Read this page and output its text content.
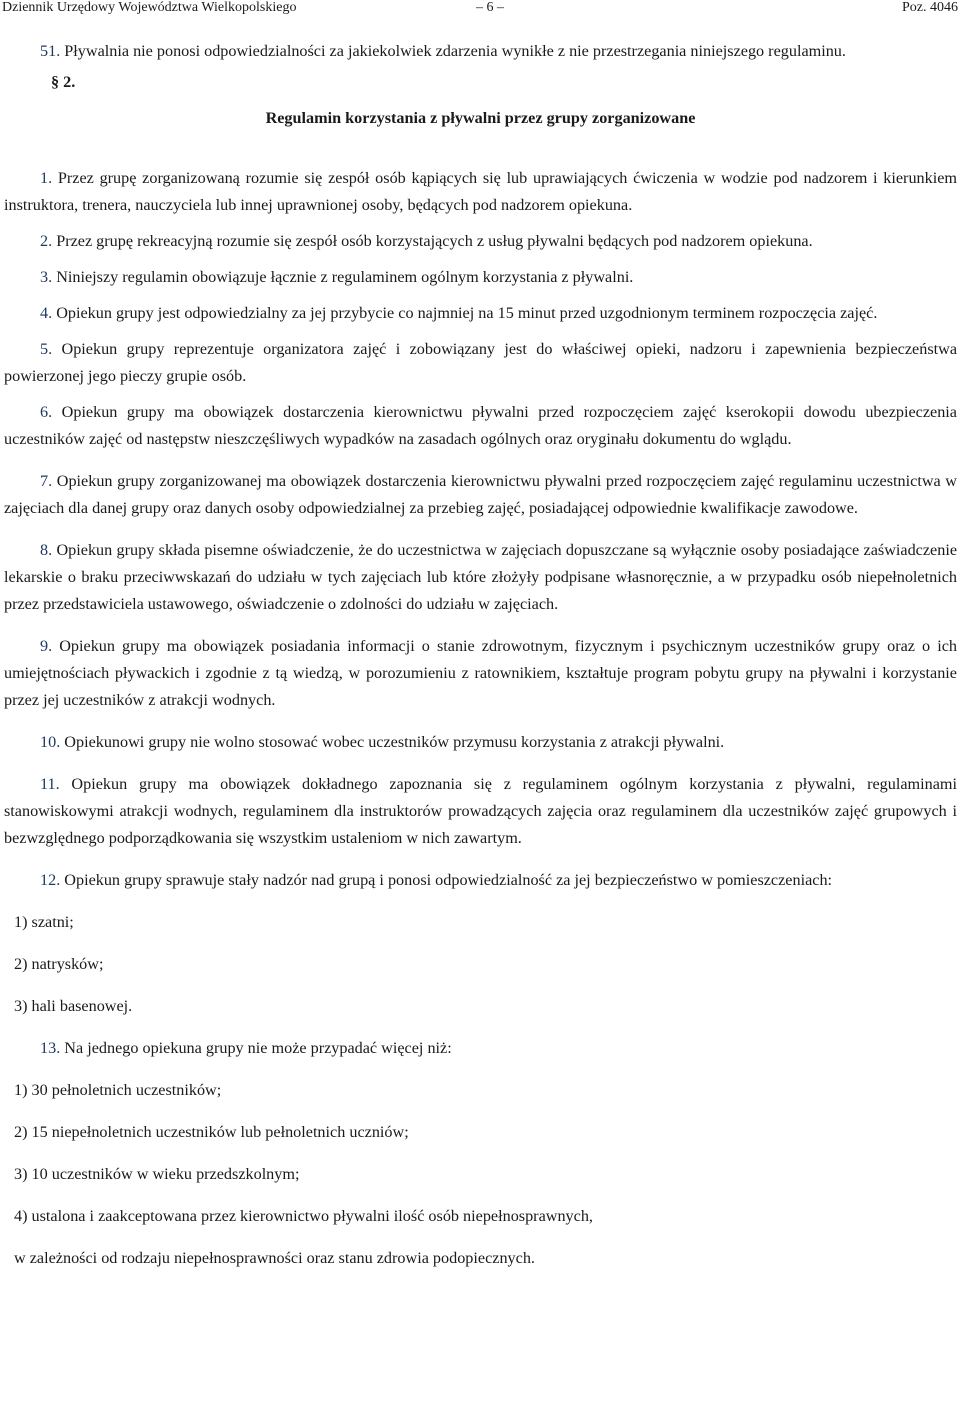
Dziennik Urzędowy Województwa Wielkopolskiego	– 6 –	Poz. 4046

51. Pływalnia nie ponosi odpowiedzialności za jakiekolwiek zdarzenia wynikłe z nie przestrzegania niniejszego regulaminu.

§ 2.

Regulamin korzystania z pływalni przez grupy zorganizowane

1. Przez grupę zorganizowaną rozumie się zespół osób kąpiących się lub uprawiających ćwiczenia w wodzie pod nadzorem i kierunkiem instruktora, trenera, nauczyciela lub innej uprawnionej osoby, będących pod nadzorem opiekuna.

2. Przez grupę rekreacyjną rozumie się zespół osób korzystających z usług pływalni będących pod nadzorem opiekuna.

3. Niniejszy regulamin obowiązuje łącznie z regulaminem ogólnym korzystania z pływalni.

4. Opiekun grupy jest odpowiedzialny za jej przybycie co najmniej na 15 minut przed uzgodnionym terminem rozpoczęcia zajęć.

5. Opiekun grupy reprezentuje organizatora zajęć i zobowiązany jest do właściwej opieki, nadzoru i zapewnienia bezpieczeństwa powierzonej jego pieczy grupie osób.

6. Opiekun grupy ma obowiązek dostarczenia kierownictwu pływalni przed rozpoczęciem zajęć kserokopii dowodu ubezpieczenia uczestników zajęć od następstw nieszczęśliwych wypadków na zasadach ogólnych oraz oryginału dokumentu do wglądu.

7. Opiekun grupy zorganizowanej ma obowiązek dostarczenia kierownictwu pływalni przed rozpoczęciem zajęć regulaminu uczestnictwa w zajęciach dla danej grupy oraz danych osoby odpowiedzialnej za przebieg zajęć, posiadającej odpowiednie kwalifikacje zawodowe.

8. Opiekun grupy składa pisemne oświadczenie, że do uczestnictwa w zajęciach dopuszczane są wyłącznie osoby posiadające zaświadczenie lekarskie o braku przeciwwskazań do udziału w tych zajęciach lub które złożyły podpisane własnoręcznie, a w przypadku osób niepełnoletnich przez przedstawiciela ustawowego, oświadczenie o zdolności do udziału w zajęciach.

9. Opiekun grupy ma obowiązek posiadania informacji o stanie zdrowotnym, fizycznym i psychicznym uczestników grupy oraz o ich umiejętnościach pływackich i zgodnie z tą wiedzą, w porozumieniu z ratownikiem, kształtuje program pobytu grupy na pływalni i korzystanie przez jej uczestników z atrakcji wodnych.

10. Opiekunowi grupy nie wolno stosować wobec uczestników przymusu korzystania z atrakcji pływalni.

11. Opiekun grupy ma obowiązek dokładnego zapoznania się z regulaminem ogólnym korzystania z pływalni, regulaminami stanowiskowymi atrakcji wodnych, regulaminem dla instruktorów prowadzących zajęcia oraz regulaminem dla uczestników zajęć grupowych i bezwzględnego podporządkowania się wszystkim ustaleniom w nich zawartym.

12. Opiekun grupy sprawuje stały nadzór nad grupą i ponosi odpowiedzialność za jej bezpieczeństwo w pomieszczeniach:

1) szatni;

2) natrysków;

3) hali basenowej.

13. Na jednego opiekuna grupy nie może przypadać więcej niż:

1) 30 pełnoletnich uczestników;

2) 15 niepełnoletnich uczestników lub pełnoletnich uczniów;

3) 10 uczestników w wieku przedszkolnym;

4) ustalona i zaakceptowana przez kierownictwo pływalni ilość osób niepełnosprawnych,

w zależności od rodzaju niepełnosprawności oraz stanu zdrowia podopiecznych.
